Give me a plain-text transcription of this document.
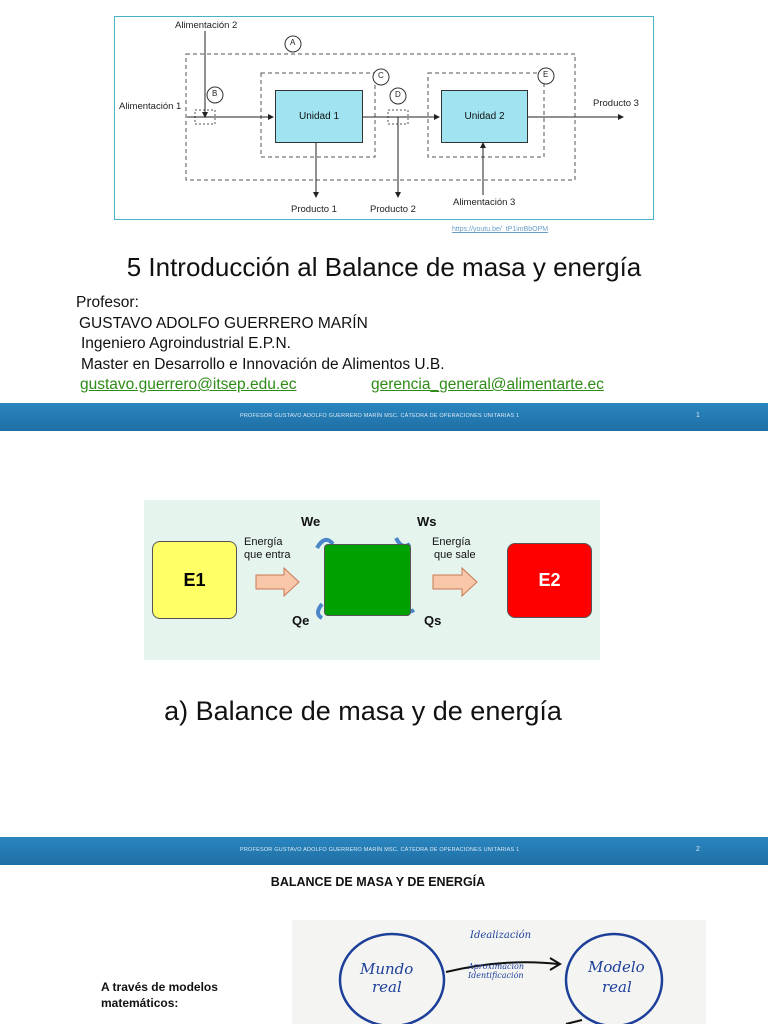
Unidad 1	Unidad 2
Alimentación 2
Alimentación 1	Producto 3
Producto 1	Producto 2
Alimentación 3
A
B
C
D
E
https://youtu.be/_tP1imBbOPM
5 Introducción al Balance de masa y energía
Profesor:
GUSTAVO ADOLFO GUERRERO MARÍN
Ingeniero Agroindustrial E.P.N.
Master en Desarrollo e Innovación de Alimentos U.B.
gustavo.guerrero@itsep.edu.ec	gerencia_general@alimentarte.ec
PROFESOR GUSTAVO ADOLFO GUERRERO MARÍN MSC. CÁTEDRA DE OPERACIONES UNITARIAS 1	1
E1	E2
Energía
que entra
Energía
que sale
We	Ws
Qe	Qs
a) Balance de masa y de energía
PROFESOR GUSTAVO ADOLFO GUERRERO MARÍN MSC. CÁTEDRA DE OPERACIONES UNITARIAS 1	2
BALANCE DE MASA Y DE ENERGÍA
A través de modelos matemáticos:
Mundo
real
Modelo
real
Idealización
Aproximación
Identificación
